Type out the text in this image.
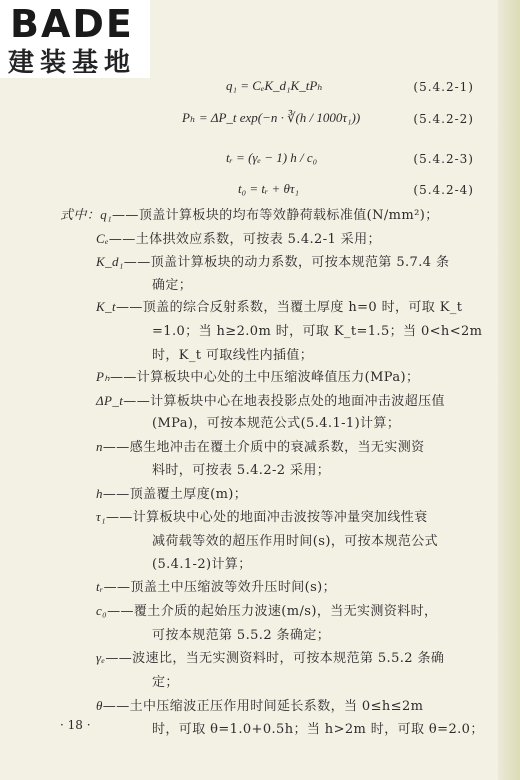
BADE
建装基地
q₁ = CₑK_d₁K_tPₕ	(5.4.2-1)
Pₕ = ΔP_t exp(−n · ∛(h / 1000τ₁))	(5.4.2-2)
tᵣ = (γₑ − 1) h / c₀	(5.4.2-3)
t₀ = tᵣ + θτ₁	(5.4.2-4)
式中：q₁——顶盖计算板块的均布等效静荷载标准值(N/mm²)；
Cₑ——土体拱效应系数，可按表 5.4.2-1 采用；
K_d₁——顶盖计算板块的动力系数，可按本规范第 5.7.4 条
确定；
K_t——顶盖的综合反射系数，当覆土厚度 h=0 时，可取 K_t
=1.0；当 h≥2.0m 时，可取 K_t=1.5；当 0<h<2m
时，K_t 可取线性内插值；
Pₕ——计算板块中心处的土中压缩波峰值压力(MPa)；
ΔP_t——计算板块中心在地表投影点处的地面冲击波超压值
(MPa)，可按本规范公式(5.4.1-1)计算；
n——感生地冲击在覆土介质中的衰减系数，当无实测资
料时，可按表 5.4.2-2 采用；
h——顶盖覆土厚度(m)；
τ₁——计算板块中心处的地面冲击波按等冲量突加线性衰
减荷载等效的超压作用时间(s)，可按本规范公式
(5.4.1-2)计算；
tᵣ——顶盖土中压缩波等效升压时间(s)；
c₀——覆土介质的起始压力波速(m/s)，当无实测资料时，
可按本规范第 5.5.2 条确定；
γₑ——波速比，当无实测资料时，可按本规范第 5.5.2 条确
定；
θ——土中压缩波正压作用时间延长系数，当 0≤h≤2m
时，可取 θ=1.0+0.5h；当 h>2m 时，可取 θ=2.0；
· 18 ·
